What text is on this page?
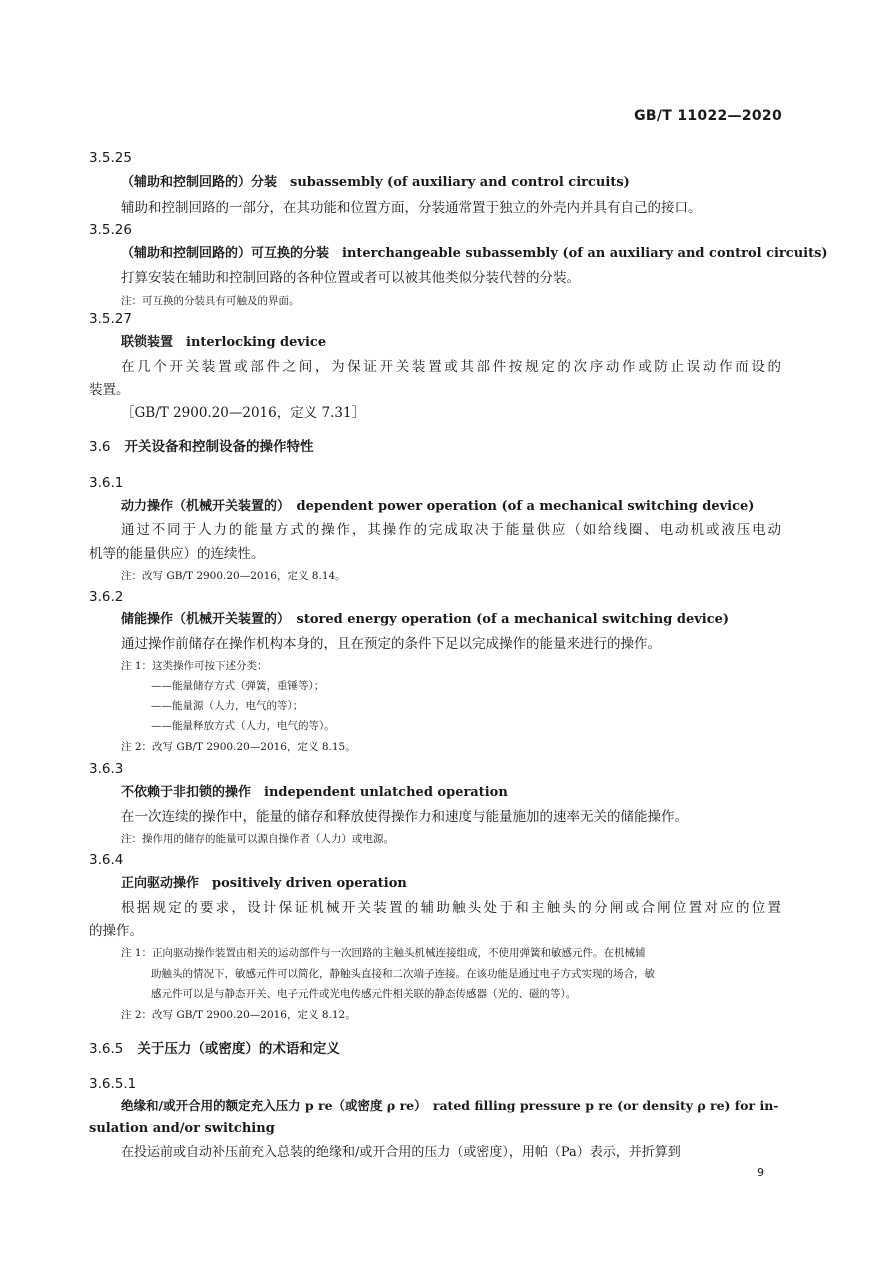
GB/T 11022—2020
3.5.25
（辅助和控制回路的）分装　subassembly (of auxiliary and control circuits)
辅助和控制回路的一部分，在其功能和位置方面，分装通常置于独立的外壳内并具有自己的接口。
3.5.26
（辅助和控制回路的）可互换的分装　interchangeable subassembly (of an auxiliary and control circuits)
打算安装在辅助和控制回路的各种位置或者可以被其他类似分装代替的分装。
注：可互换的分装具有可触及的界面。
3.5.27
联锁装置　interlocking device
在几个开关装置或部件之间，为保证开关装置或其部件按规定的次序动作或防止误动作而设的
装置。
［GB/T 2900.20—2016，定义 7.31］
3.6 开关设备和控制设备的操作特性
3.6.1
动力操作（机械开关装置的）　dependent power operation (of a mechanical switching device)
通过不同于人力的能量方式的操作，其操作的完成取决于能量供应（如给线圈、电动机或液压电动
机等的能量供应）的连续性。
注：改写 GB/T 2900.20—2016，定义 8.14。
3.6.2
储能操作（机械开关装置的）　stored energy operation (of a mechanical switching device)
通过操作前储存在操作机构本身的，且在预定的条件下足以完成操作的能量来进行的操作。
注 1：这类操作可按下述分类：
——能量储存方式（弹簧，重锤等）；
——能量源（人力，电气的等）；
——能量释放方式（人力，电气的等）。
注 2：改写 GB/T 2900.20—2016，定义 8.15。
3.6.3
不依赖于非扣锁的操作　independent unlatched operation
在一次连续的操作中，能量的储存和释放使得操作力和速度与能量施加的速率无关的储能操作。
注：操作用的储存的能量可以源自操作者（人力）或电源。
3.6.4
正向驱动操作　positively driven operation
根据规定的要求，设计保证机械开关装置的辅助触头处于和主触头的分闸或合闸位置对应的位置
的操作。
注 1：正向驱动操作装置由相关的运动部件与一次回路的主触头机械连接组成，不使用弹簧和敏感元件。在机械辅
助触头的情况下，敏感元件可以简化，静触头直接和二次端子连接。在该功能是通过电子方式实现的场合，敏
感元件可以是与静态开关、电子元件或光电传感元件相关联的静态传感器（光的、磁的等）。
注 2：改写 GB/T 2900.20—2016，定义 8.12。
3.6.5 关于压力（或密度）的术语和定义
3.6.5.1
绝缘和/或开合用的额定充入压力 p re（或密度 ρ re）　rated filling pressure p re (or density ρ re) for in-
sulation and/or switching
在投运前或自动补压前充入总装的绝缘和/或开合用的压力（或密度），用帕（Pa）表示，并折算到
9
